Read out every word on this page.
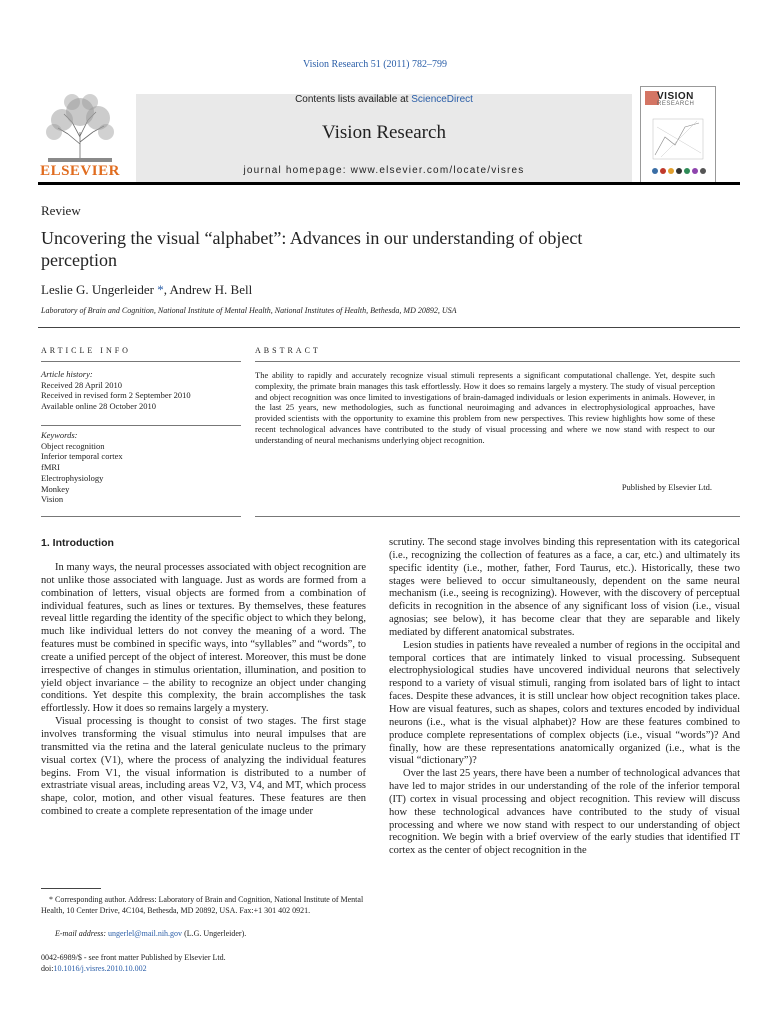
Vision Research 51 (2011) 782–799
ELSEVIER
Contents lists available at ScienceDirect
Vision Research
journal homepage: www.elsevier.com/locate/visres
VISION
RESEARCH
Review
Uncovering the visual “alphabet”: Advances in our understanding of object perception
Leslie G. Ungerleider *, Andrew H. Bell
Laboratory of Brain and Cognition, National Institute of Mental Health, National Institutes of Health, Bethesda, MD 20892, USA
ARTICLE INFO
Article history:
Received 28 April 2010
Received in revised form 2 September 2010
Available online 28 October 2010
Keywords:
Object recognition
Inferior temporal cortex
fMRI
Electrophysiology
Monkey
Vision
ABSTRACT
The ability to rapidly and accurately recognize visual stimuli represents a significant computational challenge. Yet, despite such complexity, the primate brain manages this task effortlessly. How it does so remains largely a mystery. The study of visual perception and object recognition was once limited to investigations of brain-damaged individuals or lesion experiments in animals. However, in the last 25 years, new methodologies, such as functional neuroimaging and advances in electrophysiological approaches, have provided scientists with the opportunity to examine this problem from new perspectives. This review highlights how some of these recent technological advances have contributed to the study of visual processing and where we now stand with respect to our understanding of neural mechanisms underlying object recognition.
Published by Elsevier Ltd.
1. Introduction

In many ways, the neural processes associated with object recognition are not unlike those associated with language. Just as words are formed from a combination of letters, visual objects are formed from a combination of individual features, such as lines or textures. By themselves, these features reveal little regarding the identity of the specific object to which they belong, much like individual letters do not convey the meaning of a word. The features must be combined in specific ways, into “syllables” and “words”, to create a unified percept of the object of interest. Moreover, this must be done irrespective of changes in stimulus orientation, illumination, and position to yield object invariance – the ability to recognize an object under changing conditions. Yet despite this complexity, the brain accomplishes the task effortlessly. How it does so remains largely a mystery.

Visual processing is thought to consist of two stages. The first stage involves transforming the visual stimulus into neural impulses that are transmitted via the retina and the lateral geniculate nucleus to the primary visual cortex (V1), where the process of analyzing the individual features begins. From V1, the visual information is distributed to a number of extrastriate visual areas, including areas V2, V3, V4, and MT, which process shape, color, motion, and other visual features. These features are then combined to create a complete representation of the image under

scrutiny. The second stage involves binding this representation with its categorical (i.e., recognizing the collection of features as a face, a car, etc.) and ultimately its specific identity (i.e., mother, father, Ford Taurus, etc.). Historically, these two stages were believed to occur simultaneously, dependent on the same neural mechanism (i.e., seeing is recognizing). However, with the discovery of perceptual deficits in recognition in the absence of any significant loss of vision (i.e., visual agnosias; see below), it has become clear that they are separable and likely mediated by different anatomical substrates.

Lesion studies in patients have revealed a number of regions in the occipital and temporal cortices that are intimately linked to visual processing. Subsequent electrophysiological studies have uncovered individual neurons that selectively respond to a variety of visual stimuli, ranging from isolated bars of light to intact faces. Despite these advances, it is still unclear how object recognition takes place. How are visual features, such as shapes, colors and textures encoded by individual neurons (i.e., what is the visual alphabet)? How are these features combined to produce complete representations of complex objects (i.e., visual “words”)? And finally, how are these representations anatomically organized (i.e., what is the visual “dictionary”)?

Over the last 25 years, there have been a number of technological advances that have led to major strides in our understanding of the role of the inferior temporal (IT) cortex in visual processing and object recognition. This review will discuss how these technological advances have contributed to the study of visual processing and where we now stand with respect to our understanding of object recognition. We begin with a brief overview of the early studies that identified IT cortex as the center of object recognition in the

* Corresponding author. Address: Laboratory of Brain and Cognition, National Institute of Mental Health, 10 Center Drive, 4C104, Bethesda, MD 20892, USA. Fax:+1 301 402 0921.
E-mail address: ungerlel@mail.nih.gov (L.G. Ungerleider).
0042-6989/$ - see front matter Published by Elsevier Ltd.
doi:10.1016/j.visres.2010.10.002
